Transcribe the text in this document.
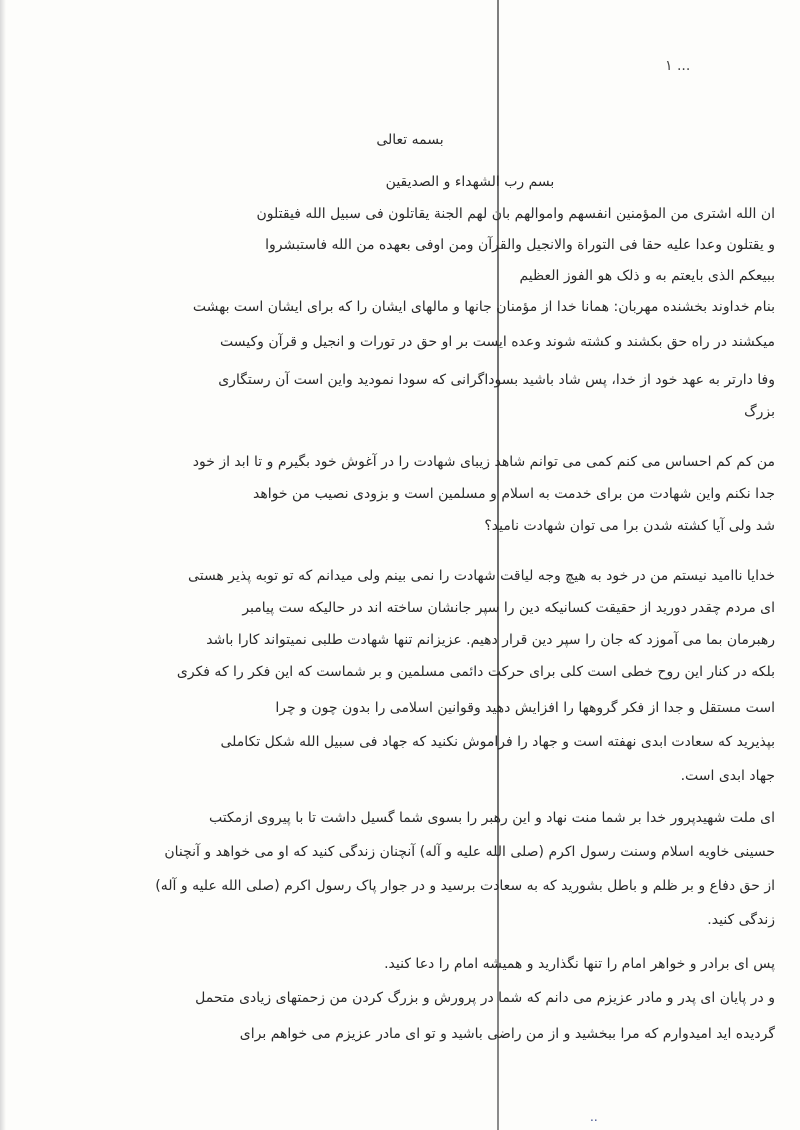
۱ ...
..
بسمه تعالی
بسم رب الشهداء و الصدیقین
ان الله اشتری من المؤمنین انفسهم واموالهم بان لهم الجنة یقاتلون فی سبیل الله فیقتلون
و یقتلون وعدا علیه حقا فی التوراة والانجیل والقرآن ومن اوفی بعهده من الله فاستبشروا
ببیعکم الذی بایعتم به و ذلک هو الفوز العظیم
بنام خداوند بخشنده مهربان: همانا خدا از مؤمنان جانها و مالهای ایشان را که برای ایشان است بهشت
میکشند در راه حق بکشند و کشته شوند وعده ایست بر او حق در تورات و انجیل و قرآن وکیست
وفا دارتر به عهد خود از خدا، پس شاد باشید بسوداگرانی که سودا نمودید واین است آن رستگاری
بزرگ
من کم کم احساس می کنم کمی می توانم شاهد زیبای شهادت را در آغوش خود بگیرم و تا ابد از خود
جدا نکنم واین شهادت من برای خدمت به اسلام و مسلمین است و بزودی نصیب من خواهد
شد ولی آیا کشته شدن برا می توان شهادت نامید؟
خدایا ناامید نیستم من در خود به هیچ وجه لیاقت شهادت را نمی بینم ولی میدانم که تو توبه پذیر هستی
ای مردم چقدر دورید از حقیقت کسانیکه دین را سپر جانشان ساخته اند در حالیکه ست پیامبر
رهبرمان بما می آموزد که جان را سپر دین قرار دهیم. عزیزانم تنها شهادت طلبی نمیتواند کارا باشد
بلکه در کنار این روح خطی است کلی برای حرکت دائمی مسلمین و بر شماست که این فکر را که فکری
است مستقل و جدا از فکر گروهها را افزایش دهید وقوانین اسلامی را بدون چون و چرا
بپذیرید که سعادت ابدی نهفته است و جهاد را فراموش نکنید که جهاد فی سبیل الله شکل تکاملی
جهاد ابدی است.
ای ملت شهیدپرور خدا بر شما منت نهاد و این رهبر را بسوی شما گسیل داشت تا با پیروی ازمکتب
حسینی خاویه اسلام وسنت رسول اکرم (صلی الله علیه و آله) آنچنان زندگی کنید که او می خواهد و آنچنان
از حق دفاع و بر ظلم و باطل بشورید که به سعادت برسید و در جوار پاک رسول اکرم (صلی الله علیه و آله)
زندگی کنید.
پس ای برادر و خواهر امام را تنها نگذارید و همیشه امام را دعا کنید.
و در پایان ای پدر و مادر عزیزم می دانم که شما در پرورش و بزرگ کردن من زحمتهای زیادی متحمل
گردیده اید امیدوارم که مرا ببخشید و از من راضی باشید و تو ای مادر عزیزم می خواهم برای
